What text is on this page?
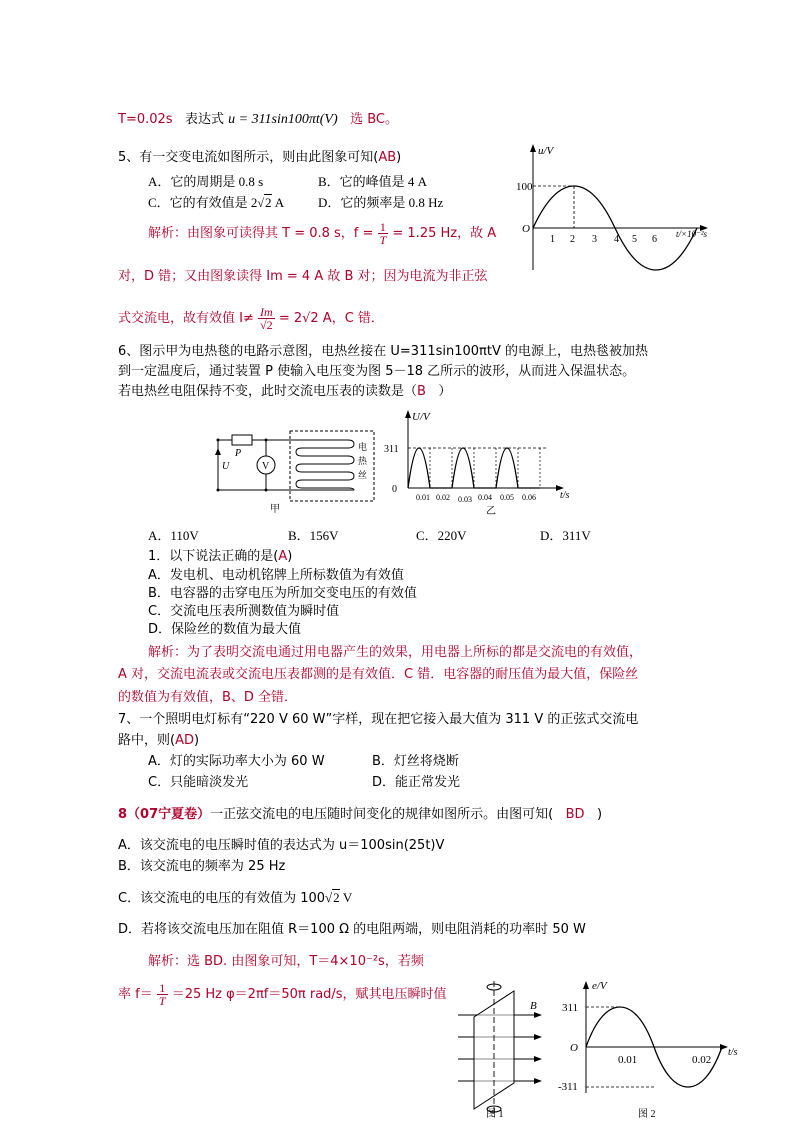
T=0.02s 表达式 u = 311sin100πt(V) 选 BC。
5、有一交变电流如图所示，则由此图象可知(AB)
A．它的周期是 0.8 s	B．它的峰值是 4 A
C．它的有效值是 2√2 A	D．它的频率是 0.8 Hz
解析：由图象可读得其 T = 0.8 s，$f = \frac{1}{T} = 1.25$ Hz，故 A
对，D 错；又由图象读得 Im = 4 A 故 B 对；因为电流为非正弦
式交流电，故有效值 $I\ne \frac{Im}{√2} = 2√2$ A，C 错．
u/V
100
O
1 2 3 4 5 6 t/×10⁻²s
6、图示甲为电热毯的电路示意图，电热丝接在 U=311sin100πtV 的电源上，电热毯被加热
到一定温度后，通过装置 P 使输入电压变为图 5－18 乙所示的波形，从而进入保温状态。
若电热丝电阻保持不变，此时交流电压表的读数是（B ）
V
P
U
电
热
丝
甲
U/V
311
0
0.01 0.02 0.03 0.04 0.05 0.06 t/s
乙
A．110V	B．156V	C．220V	D．311V
1．以下说法正确的是(A)
A．发电机、电动机铭牌上所标数值为有效值
B．电容器的击穿电压为所加交变电压的有效值
C．交流电压表所测数值为瞬时值
D．保险丝的数值为最大值
解析：为了表明交流电通过用电器产生的效果，用电器上所标的都是交流电的有效值，
A 对，交流电流表或交流电压表都测的是有效值．C 错．电容器的耐压值为最大值，保险丝
的数值为有效值，B、D 全错．
7、一个照明电灯标有“220 V 60 W”字样，现在把它接入最大值为 311 V 的正弦式交流电
路中，则(AD)
A．灯的实际功率大小为 60 W	B．灯丝将烧断
C．只能暗淡发光	D．能正常发光
8（07宁夏卷）一正弦交流电的电压随时间变化的规律如图所示。由图可知( BD )
A．该交流电的电压瞬时值的表达式为 u＝100sin(25t)V
B．该交流电的频率为 25 Hz
C．该交流电的电压的有效值为 100√2 V
D．若将该交流电压加在阻值 R＝100 Ω 的电阻两端，则电阻消耗的功率时 50 W
解析：选 BD. 由图象可知，T＝4×10⁻²s，若频
率 $f= \frac{1}{T} =25$ Hz φ＝2πf＝50π rad/s，赋其电压瞬时值
B
图 1
e/V
311
O
-311
0.01	0.02
t/s
图 2
